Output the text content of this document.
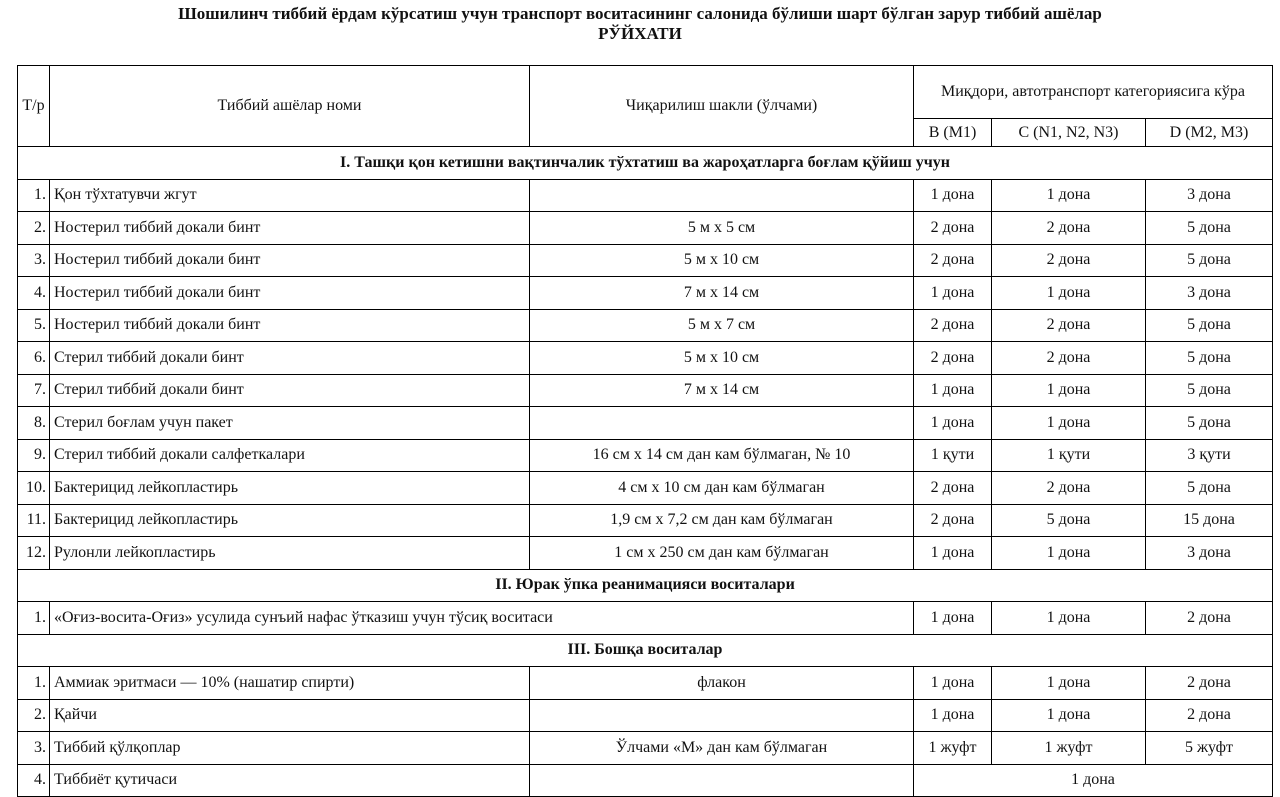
Шошилинч тиббий ёрдам кўрсатиш учун транспорт воситасининг салонида бўлиши шарт бўлган зарур тиббий ашёлар
РЎЙХАТИ
Т/р	Тиббий ашёлар номи	Чиқарилиш шакли (ўлчами)	Миқдори, автотранспорт категориясига кўра		
			B (M1)	C (N1, N2, N3)	D (M2, M3)
I. Ташқи қон кетишни вақтинчалик тўхтатиш ва жароҳатларга боғлам қўйиш учун					
1.	Қон тўхтатувчи жгут		1 дона	1 дона	3 дона
2.	Ностерил тиббий докали бинт	5 м х 5 см	2 дона	2 дона	5 дона
3.	Ностерил тиббий докали бинт	5 м х 10 см	2 дона	2 дона	5 дона
4.	Ностерил тиббий докали бинт	7 м х 14 см	1 дона	1 дона	3 дона
5.	Ностерил тиббий докали бинт	5 м х 7 см	2 дона	2 дона	5 дона
6.	Стерил тиббий докали бинт	5 м х 10 см	2 дона	2 дона	5 дона
7.	Стерил тиббий докали бинт	7 м х 14 см	1 дона	1 дона	5 дона
8.	Стерил боғлам учун пакет		1 дона	1 дона	5 дона
9.	Стерил тиббий докали салфеткалари	16 см х 14 см дан кам бўлмаган, № 10	1 қути	1 қути	3 қути
10.	Бактерицид лейкопластирь	4 см х 10 см дан кам бўлмаган	2 дона	2 дона	5 дона
11.	Бактерицид лейкопластирь	1,9 см х 7,2 см дан кам бўлмаган	2 дона	5 дона	15 дона
12.	Рулонли лейкопластирь	1 см х 250 см дан кам бўлмаган	1 дона	1 дона	3 дона
II. Юрак ўпка реанимацияси воситалари					
1.	«Оғиз-восита-Оғиз» усулида сунъий нафас ўтказиш учун тўсиқ воситаси		1 дона	1 дона	2 дона
III. Бошқа воситалар					
1.	Аммиак эритмаси — 10% (нашатир спирти)	флакон	1 дона	1 дона	2 дона
2.	Қайчи		1 дона	1 дона	2 дона
3.	Тиббий қўлқоплар	Ўлчами «M» дан кам бўлмаган	1 жуфт	1 жуфт	5 жуфт
4.	Тиббиёт қутичаси		1 дона		
